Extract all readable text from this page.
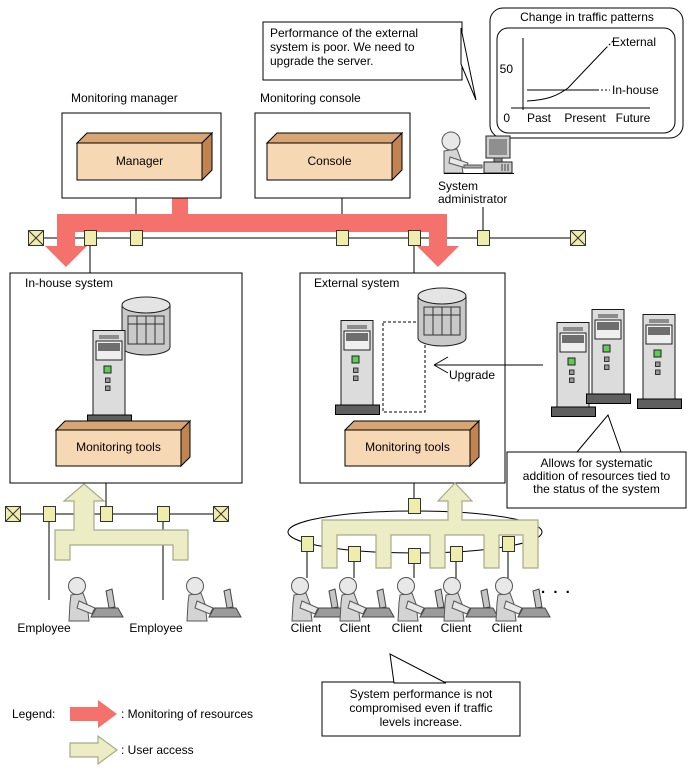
Performance of the external
system is poor. We need to
upgrade the server.
Change in traffic patterns
50
0	Past	Present Future
External
In-house
Monitoring manager	Monitoring console
Manager	Console
System
administrator
In-house system	External system
Monitoring tools	Monitoring tools
Upgrade
Allows for systematic
addition of resources tied to
the status of the system
Employee	Employee	Client	Client	Client	Client	Client
. . .
System performance is not
compromised even if traffic
levels increase.
Legend:	: Monitoring of resources
: User access
